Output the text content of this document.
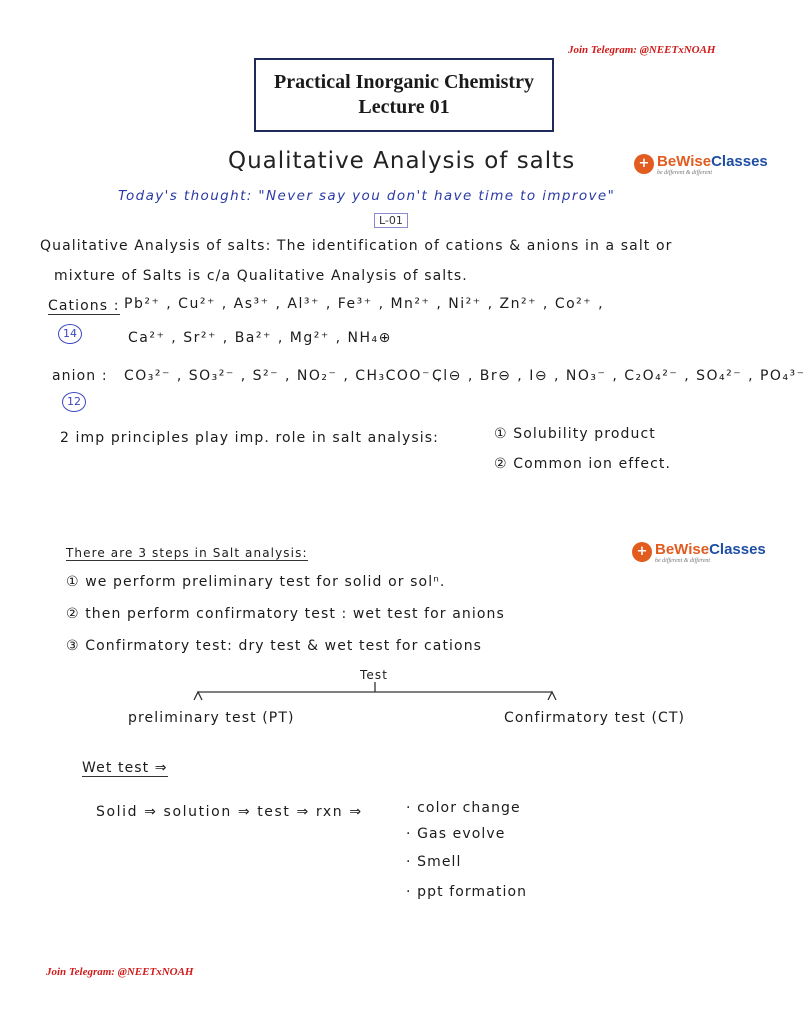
Join Telegram: @NEETxNOAH
Practical Inorganic Chemistry
Lecture 01
Qualitative Analysis of salts	+ BeWiseClasses
be different & different
Today's thought: "Never say you don't have time to improve"
L-01
Qualitative Analysis of salts: The identification of cations & anions in a salt or
mixture of Salts is c/a Qualitative Analysis of salts.
Cations : Pb²⁺ , Cu²⁺ , As³⁺ , Al³⁺ , Fe³⁺ , Mn²⁺ , Ni²⁺ , Zn²⁺ , Co²⁺ ,
14	Ca²⁺ , Sr²⁺ , Ba²⁺ , Mg²⁺ , NH₄⊕
anion : CO₃²⁻ , SO₃²⁻ , S²⁻ , NO₂⁻ , CH₃COO⁻ ,
Cl⊖ , Br⊖ , I⊖ , NO₃⁻ , C₂O₄²⁻ , SO₄²⁻ , PO₄³⁻
12
2 imp principles play imp. role in salt analysis:	① Solubility product
② Common ion effect.
There are 3 steps in Salt analysis:	+ BeWiseClasses
be different & different
① we perform preliminary test for solid or solⁿ.
② then perform confirmatory test : wet test for anions
③ Confirmatory test: dry test & wet test for cations
Test
preliminary test (PT)	Confirmatory test (CT)
Wet test ⇒
Solid ⇒ solution ⇒ test ⇒ rxn ⇒	· color change
· Gas evolve
· Smell
· ppt formation
Join Telegram: @NEETxNOAH
